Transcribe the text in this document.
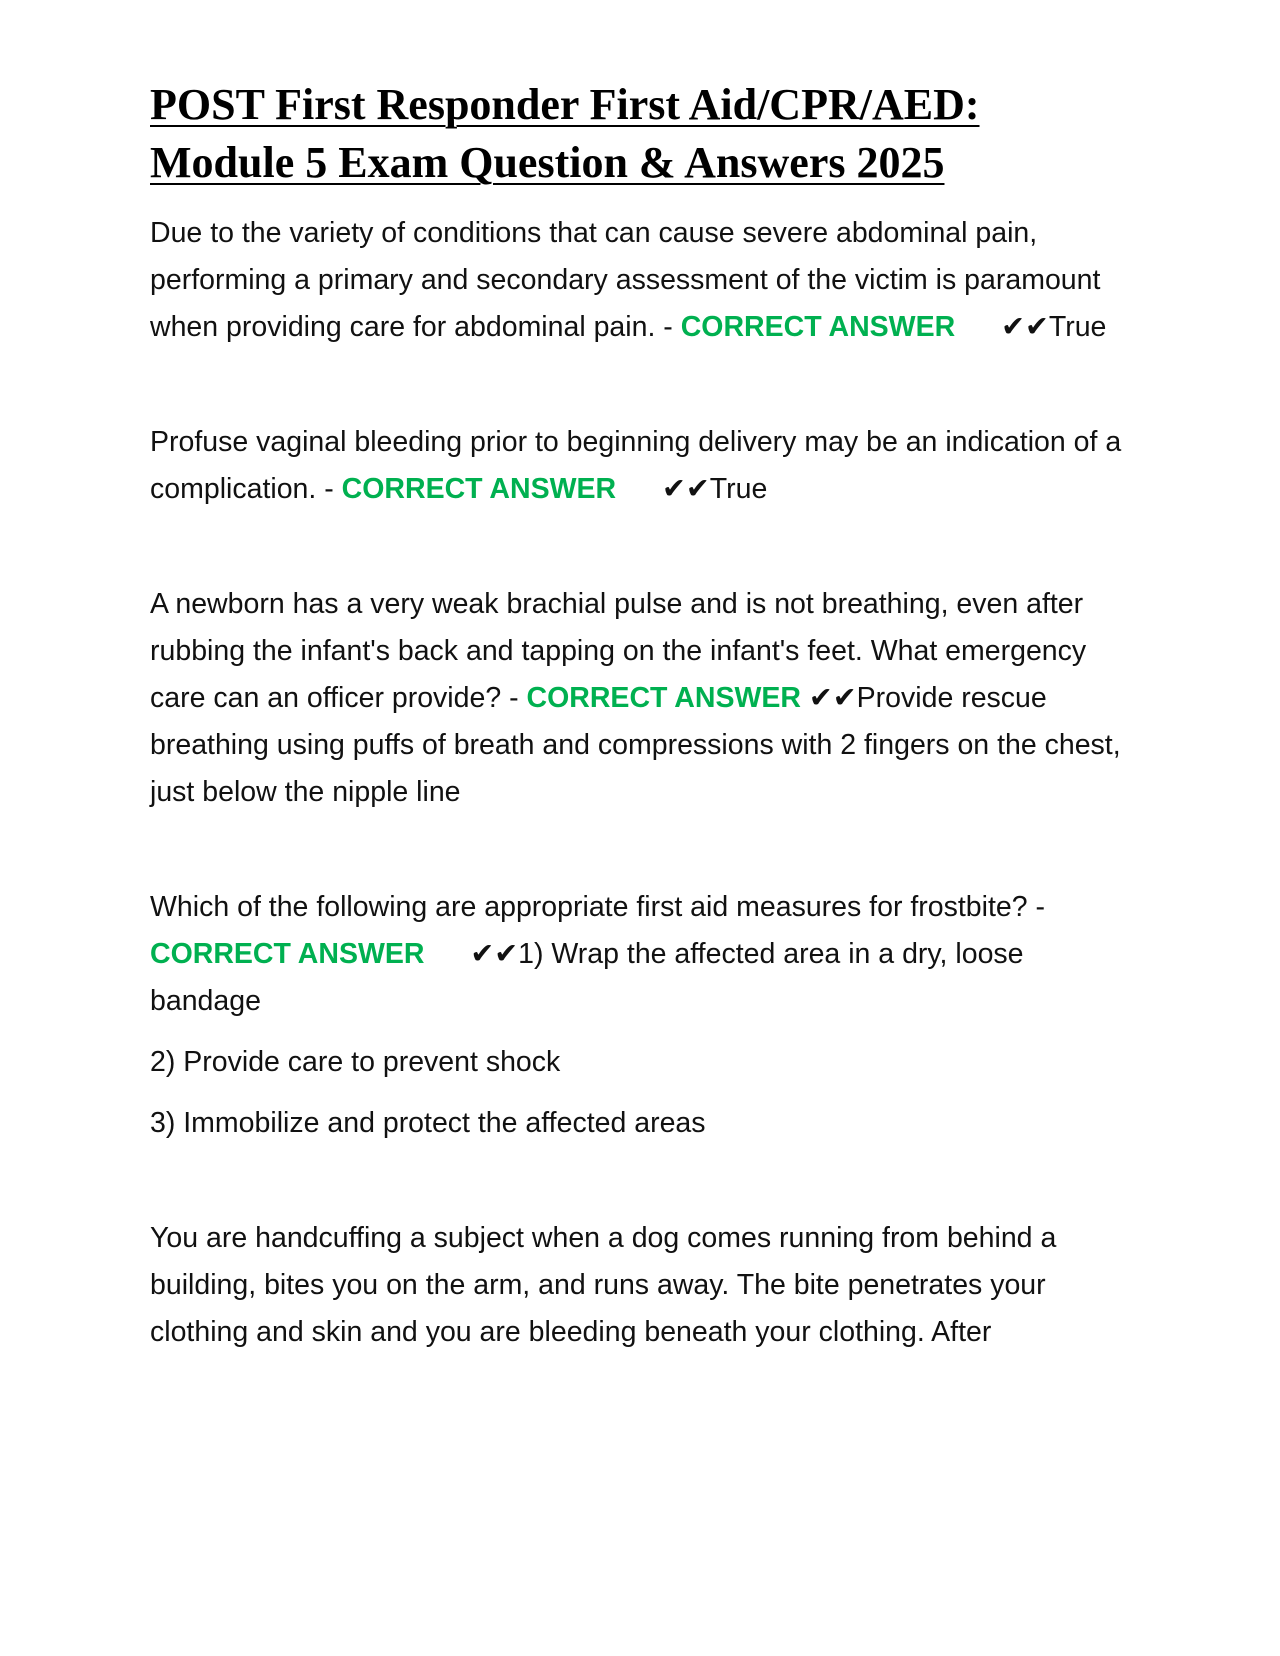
POST First Responder First Aid/CPR/AED:
Module 5 Exam Question & Answers 2025

Due to the variety of conditions that can cause severe abdominal pain, performing a primary and secondary assessment of the victim is paramount when providing care for abdominal pain. - CORRECT ANSWER ✔✔True

Profuse vaginal bleeding prior to beginning delivery may be an indication of a complication. - CORRECT ANSWER ✔✔True

A newborn has a very weak brachial pulse and is not breathing, even after rubbing the infant's back and tapping on the infant's feet. What emergency care can an officer provide? - CORRECT ANSWER ✔✔Provide rescue breathing using puffs of breath and compressions with 2 fingers on the chest, just below the nipple line

Which of the following are appropriate first aid measures for frostbite? - CORRECT ANSWER ✔✔1) Wrap the affected area in a dry, loose bandage

2) Provide care to prevent shock

3) Immobilize and protect the affected areas

You are handcuffing a subject when a dog comes running from behind a building, bites you on the arm, and runs away. The bite penetrates your clothing and skin and you are bleeding beneath your clothing. After
